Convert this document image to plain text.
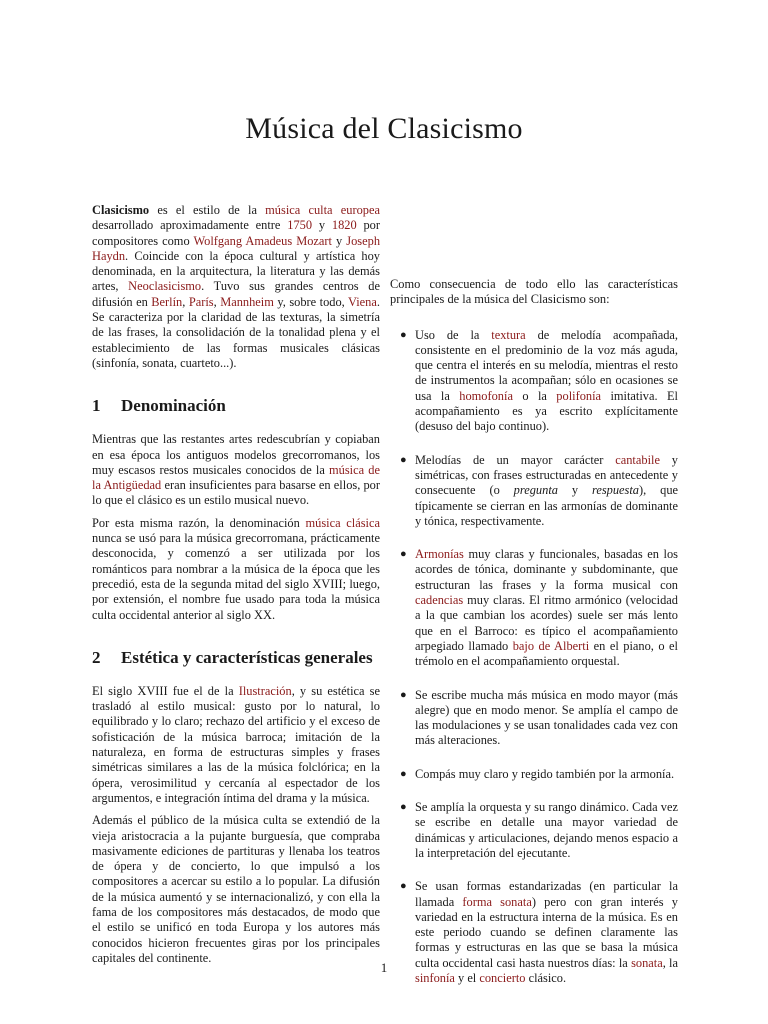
Música del Clasicismo

Clasicismo es el estilo de la música culta europea desarrollado aproximadamente entre 1750 y 1820 por compositores como Wolfgang Amadeus Mozart y Joseph Haydn. Coincide con la época cultural y artística hoy denominada, en la arquitectura, la literatura y las demás artes, Neoclasicismo. Tuvo sus grandes centros de difusión en Berlín, París, Mannheim y, sobre todo, Viena. Se caracteriza por la claridad de las texturas, la simetría de las frases, la consolidación de la tonalidad plena y el establecimiento de las formas musicales clásicas (sinfonía, sonata, cuarteto...).

1	Denominación

Mientras que las restantes artes redescubrían y copiaban en esa época los antiguos modelos grecorromanos, los muy escasos restos musicales conocidos de la música de la Antigüedad eran insuficientes para basarse en ellos, por lo que el clásico es un estilo musical nuevo.

Por esta misma razón, la denominación música clásica nunca se usó para la música grecorromana, prácticamente desconocida, y comenzó a ser utilizada por los románticos para nombrar a la música de la época que les precedió, esta de la segunda mitad del siglo XVIII; luego, por extensión, el nombre fue usado para toda la música culta occidental anterior al siglo XX.

2	Estética y características generales

El siglo XVIII fue el de la Ilustración, y su estética se trasladó al estilo musical: gusto por lo natural, lo equilibrado y lo claro; rechazo del artificio y el exceso de sofisticación de la música barroca; imitación de la naturaleza, en forma de estructuras simples y frases simétricas similares a las de la música folclórica; en la ópera, verosimilitud y cercanía al espectador de los argumentos, e integración íntima del drama y la música.

Además el público de la música culta se extendió de la vieja aristocracia a la pujante burguesía, que compraba masivamente ediciones de partituras y llenaba los teatros de ópera y de concierto, lo que impulsó a los compositores a acercar su estilo a lo popular. La difusión de la música aumentó y se internacionalizó, y con ella la fama de los compositores más destacados, de modo que el estilo se unificó en toda Europa y los autores más conocidos hicieron frecuentes giras por los principales capitales del continente.

Como consecuencia de todo ello las características principales de la música del Clasicismo son:

● Uso de la textura de melodía acompañada, consistente en el predominio de la voz más aguda, que centra el interés en su melodía, mientras el resto de instrumentos la acompañan; sólo en ocasiones se usa la homofonía o la polifonía imitativa. El acompañamiento es ya escrito explícitamente (desuso del bajo continuo).
● Melodías de un mayor carácter cantabile y simétricas, con frases estructuradas en antecedente y consecuente (o pregunta y respuesta), que típicamente se cierran en las armonías de dominante y tónica, respectivamente.
● Armonías muy claras y funcionales, basadas en los acordes de tónica, dominante y subdominante, que estructuran las frases y la forma musical con cadencias muy claras. El ritmo armónico (velocidad a la que cambian los acordes) suele ser más lento que en el Barroco: es típico el acompañamiento arpegiado llamado bajo de Alberti en el piano, o el trémolo en el acompañamiento orquestal.
● Se escribe mucha más música en modo mayor (más alegre) que en modo menor. Se amplía el campo de las modulaciones y se usan tonalidades cada vez con más alteraciones.
● Compás muy claro y regido también por la armonía.
● Se amplía la orquesta y su rango dinámico. Cada vez se escribe en detalle una mayor variedad de dinámicas y articulaciones, dejando menos espacio a la interpretación del ejecutante.
● Se usan formas estandarizadas (en particular la llamada forma sonata) pero con gran interés y variedad en la estructura interna de la música. Es en este periodo cuando se definen claramente las formas y estructuras en las que se basa la música culta occidental casi hasta nuestros días: la sonata, la sinfonía y el concierto clásico.
1
